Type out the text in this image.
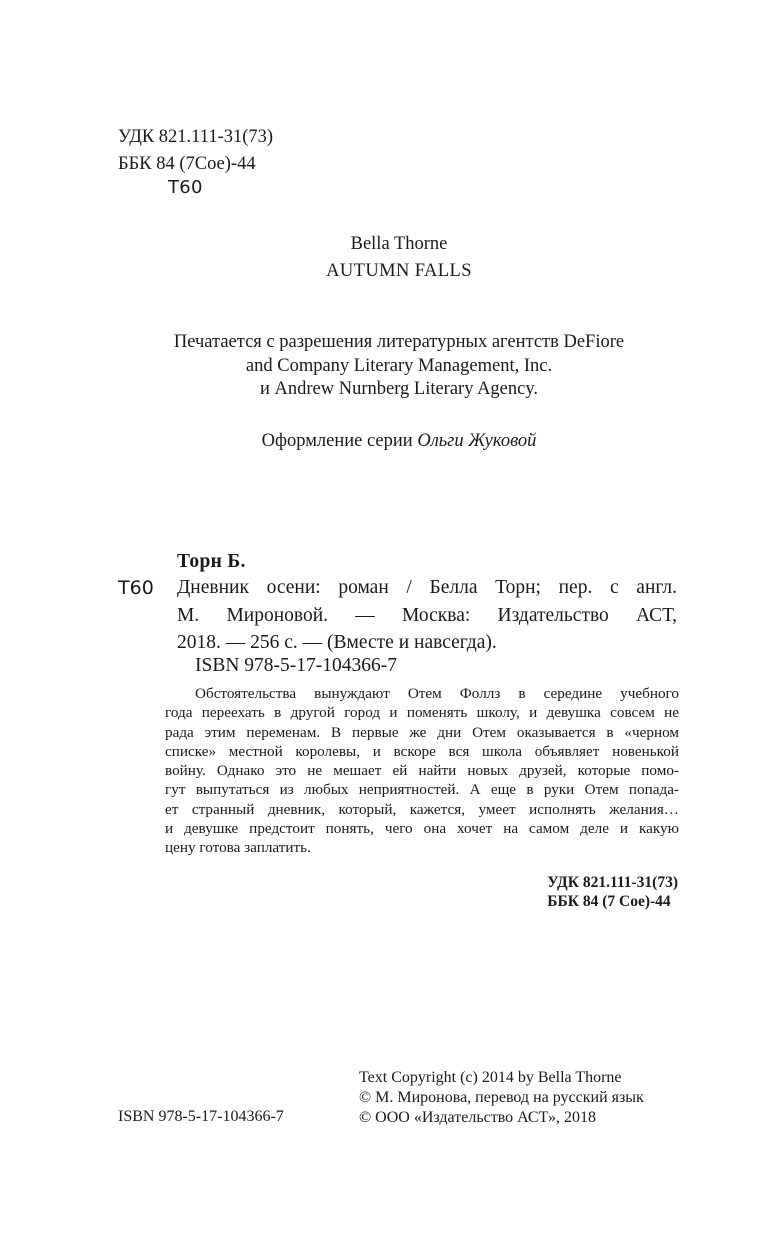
УДК 821.111-31(73)
ББК 84 (7Сое)-44
Т60
Bella Thorne
AUTUMN FALLS
Печатается с разрешения литературных агентств DeFiore
and Company Literary Management, Inc.
и Andrew Nurnberg Literary Agency.
Оформление серии Ольги Жуковой
Торн Б.
Т60 Дневник осени: роман / Белла Торн; пер. с англ.
М. Мироновой. — Москва: Издательство АСТ,
2018. — 256 с. — (Вместе и навсегда).
ISBN 978-5-17-104366-7
Обстоятельства вынуждают Отем Фоллз в середине учебного
года переехать в другой город и поменять школу, и девушка совсем не
рада этим переменам. В первые же дни Отем оказывается в «черном
списке» местной королевы, и вскоре вся школа объявляет новенькой
войну. Однако это не мешает ей найти новых друзей, которые помо-
гут выпутаться из любых неприятностей. А еще в руки Отем попада-
ет странный дневник, который, кажется, умеет исполнять желания…
и девушке предстоит понять, чего она хочет на самом деле и какую
цену готова заплатить.
УДК 821.111-31(73)
ББК 84 (7 Сое)-44
Text Copyright (c) 2014 by Bella Thorne
© М. Миронова, перевод на русский язык
© ООО «Издательство АСТ», 2018
ISBN 978-5-17-104366-7
